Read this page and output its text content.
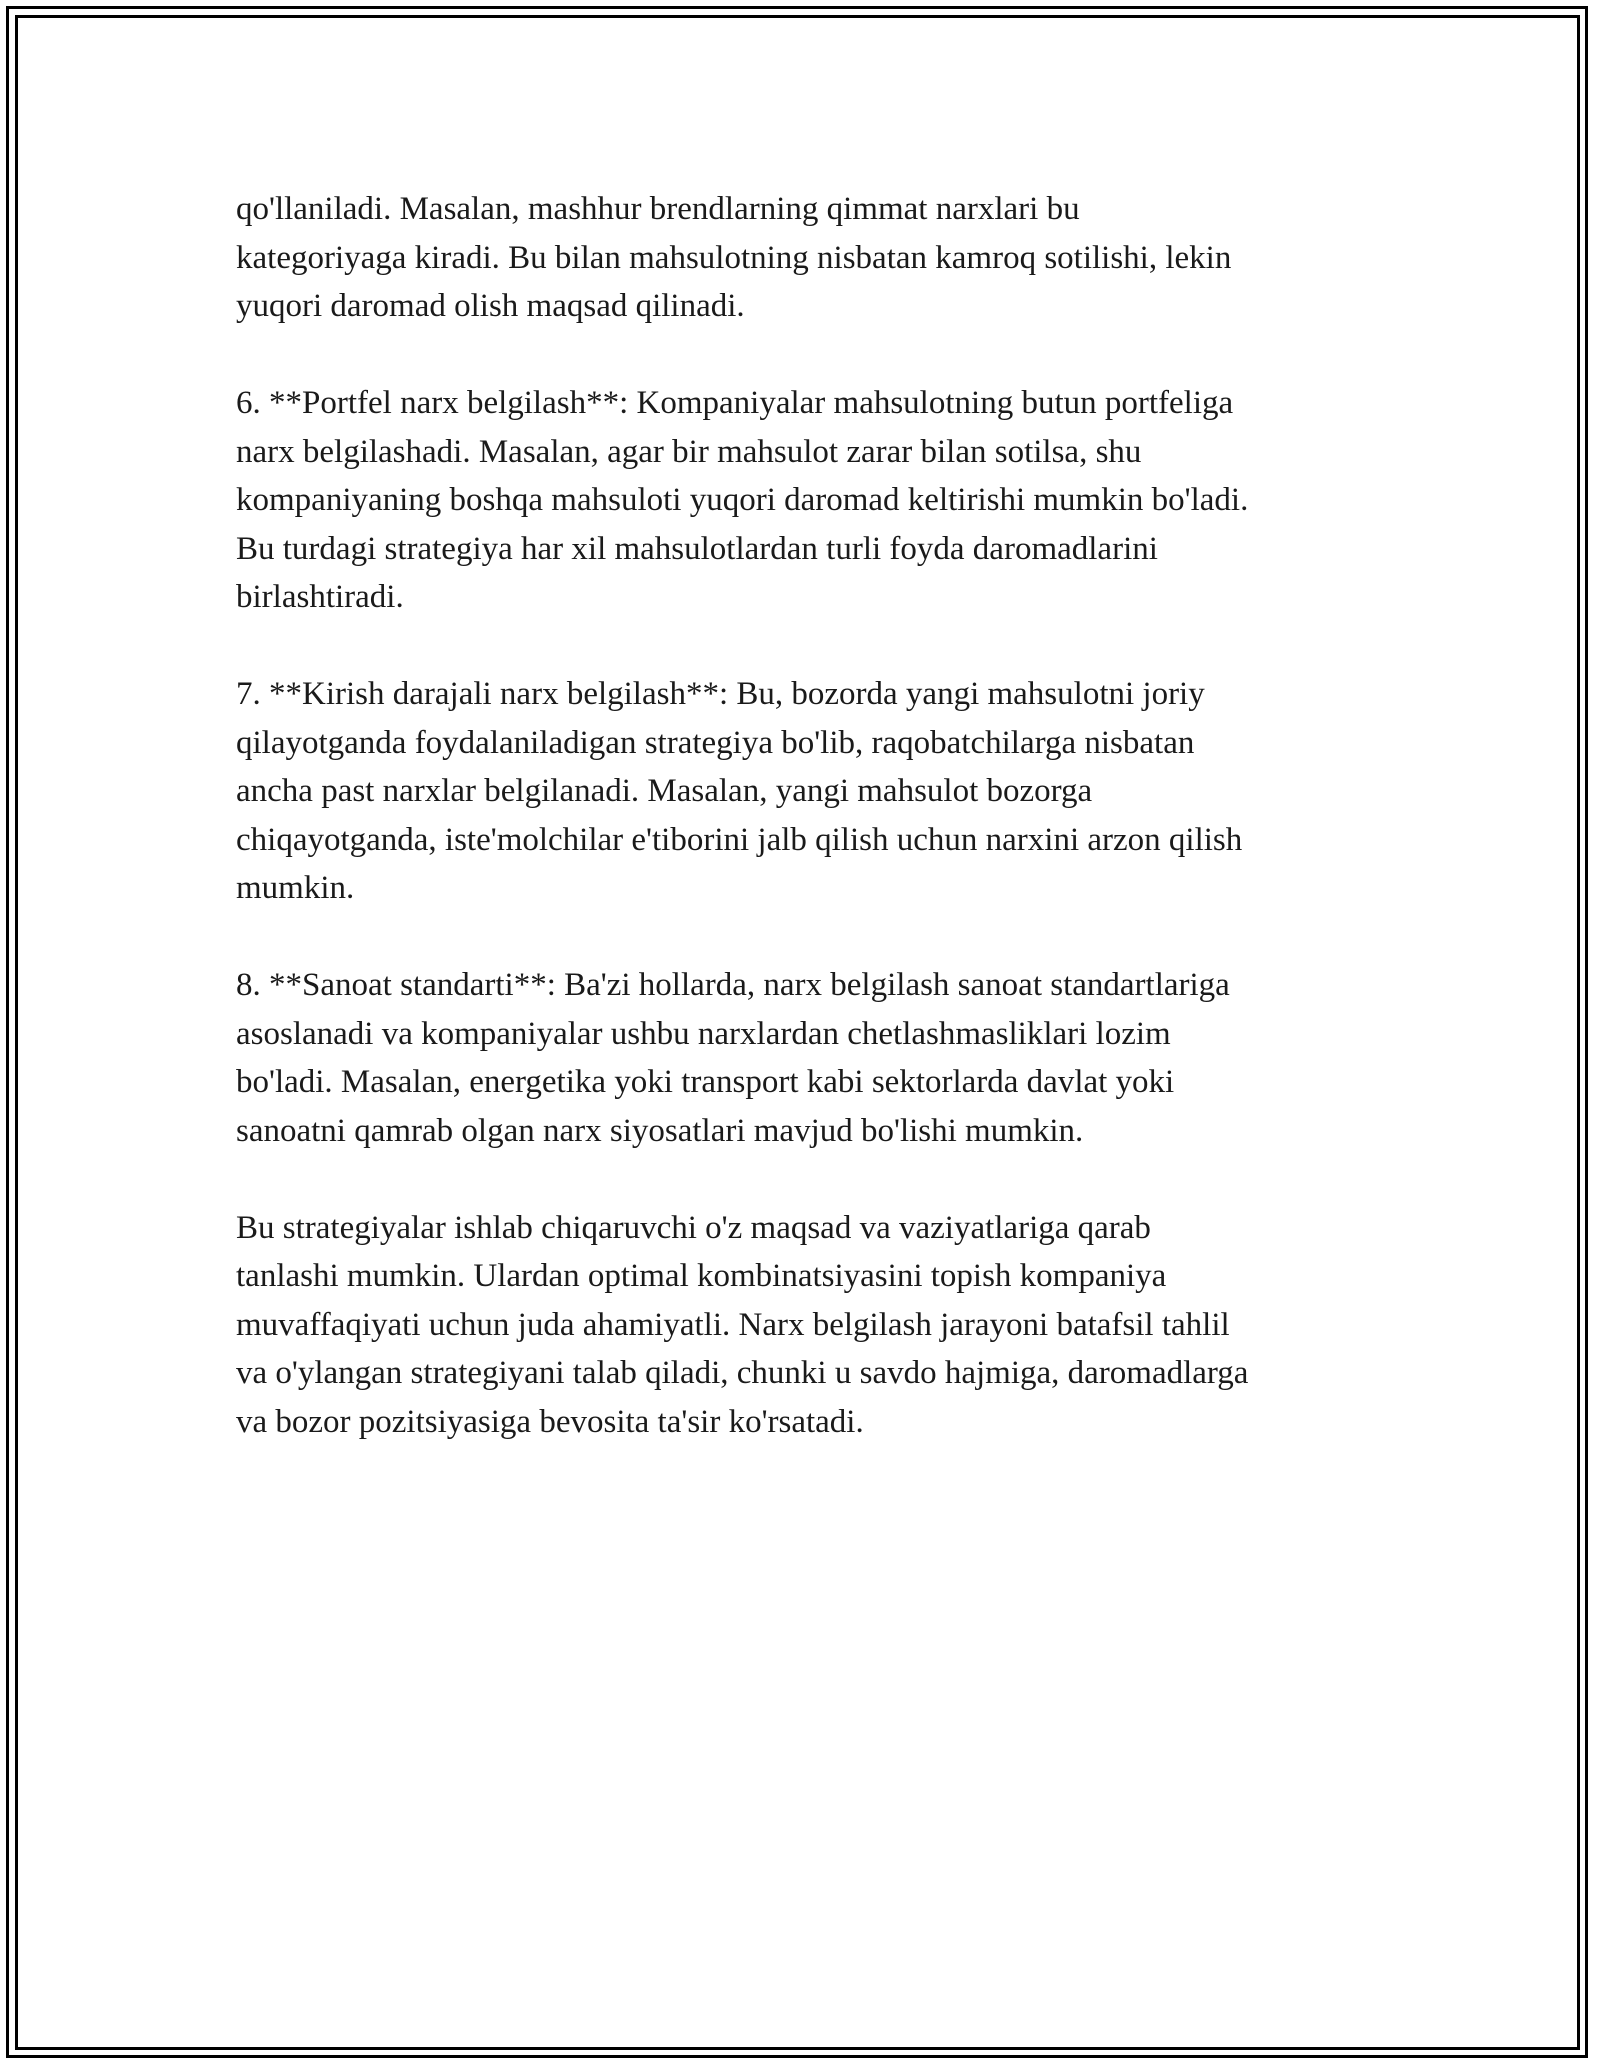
qo'llaniladi. Masalan, mashhur brendlarning qimmat narxlari bu
kategoriyaga kiradi. Bu bilan mahsulotning nisbatan kamroq sotilishi, lekin
yuqori daromad olish maqsad qilinadi.

6. **Portfel narx belgilash**: Kompaniyalar mahsulotning butun portfeliga
narx belgilashadi. Masalan, agar bir mahsulot zarar bilan sotilsa, shu
kompaniyaning boshqa mahsuloti yuqori daromad keltirishi mumkin bo'ladi.
Bu turdagi strategiya har xil mahsulotlardan turli foyda daromadlarini
birlashtiradi.

7. **Kirish darajali narx belgilash**: Bu, bozorda yangi mahsulotni joriy
qilayotganda foydalaniladigan strategiya bo'lib, raqobatchilarga nisbatan
ancha past narxlar belgilanadi. Masalan, yangi mahsulot bozorga
chiqayotganda, iste'molchilar e'tiborini jalb qilish uchun narxini arzon qilish
mumkin.

8. **Sanoat standarti**: Ba'zi hollarda, narx belgilash sanoat standartlariga
asoslanadi va kompaniyalar ushbu narxlardan chetlashmasliklari lozim
bo'ladi. Masalan, energetika yoki transport kabi sektorlarda davlat yoki
sanoatni qamrab olgan narx siyosatlari mavjud bo'lishi mumkin.

Bu strategiyalar ishlab chiqaruvchi o'z maqsad va vaziyatlariga qarab
tanlashi mumkin. Ulardan optimal kombinatsiyasini topish kompaniya
muvaffaqiyati uchun juda ahamiyatli. Narx belgilash jarayoni batafsil tahlil
va o'ylangan strategiyani talab qiladi, chunki u savdo hajmiga, daromadlarga
va bozor pozitsiyasiga bevosita ta'sir ko'rsatadi.
